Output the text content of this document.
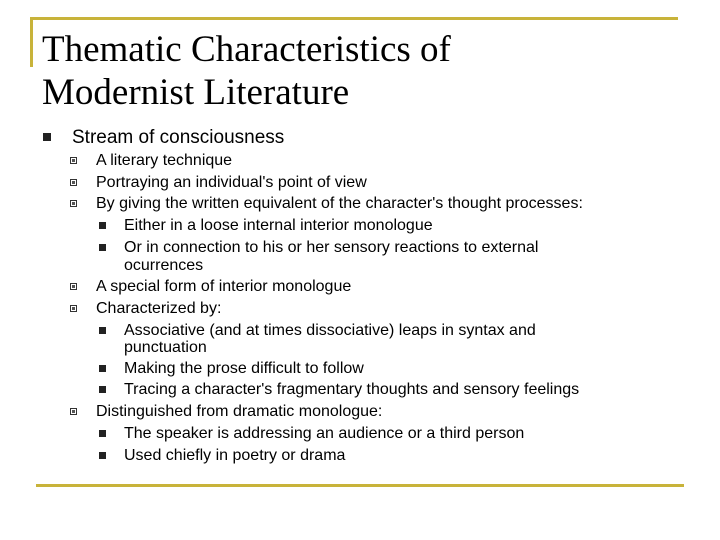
Thematic Characteristics of
Modernist Literature
Stream of consciousness
A literary technique
Portraying an individual's point of view
By giving the written equivalent of the character's thought processes:
Either in a loose internal interior monologue
Or in connection to his or her sensory reactions to external
ocurrences
A special form of interior monologue
Characterized by:
Associative (and at times dissociative) leaps in syntax and
punctuation
Making the prose difficult to follow
Tracing a character's fragmentary thoughts and sensory feelings
Distinguished from dramatic monologue:
The speaker is addressing an audience or a third person
Used chiefly in poetry or drama
